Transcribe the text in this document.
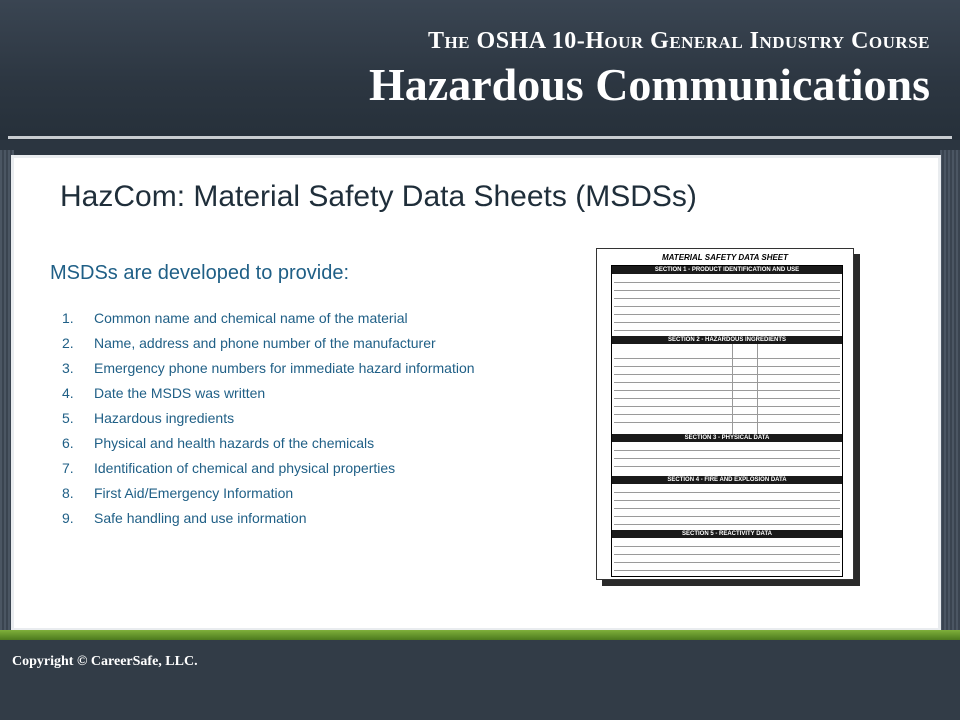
The OSHA 10-Hour General Industry Course
Hazardous Communications
HazCom: Material Safety Data Sheets (MSDSs)
MSDSs are developed to provide:
1. Common name and chemical name of the material
2. Name, address and phone number of the manufacturer
3. Emergency phone numbers for immediate hazard information
4. Date the MSDS was written
5. Hazardous ingredients
6. Physical and health hazards of the chemicals
7. Identification of chemical and physical properties
8. First Aid/Emergency Information
9. Safe handling and use information
MATERIAL SAFETY DATA SHEET
SECTION 1 - PRODUCT IDENTIFICATION AND USE
SECTION 2 - HAZARDOUS INGREDIENTS
SECTION 3 - PHYSICAL DATA
SECTION 4 - FIRE AND EXPLOSION DATA
SECTION 5 - REACTIVITY DATA
Copyright © CareerSafe, LLC.
